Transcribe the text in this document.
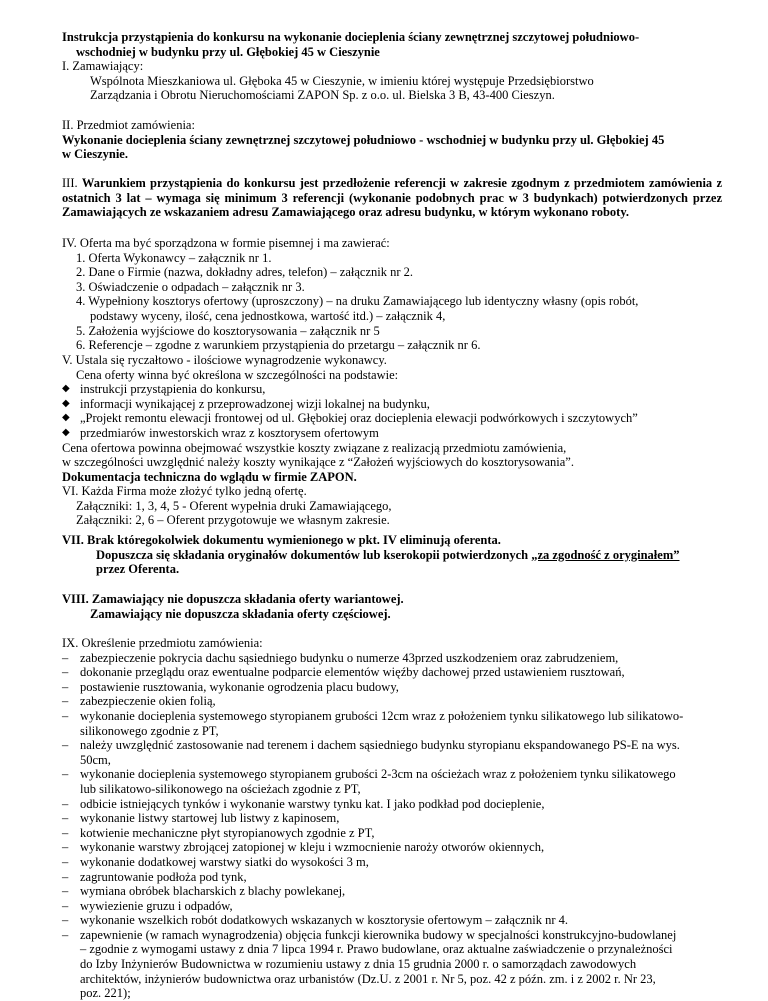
Instrukcja przystąpienia do konkursu na wykonanie docieplenia ściany zewnętrznej szczytowej południowo-

wschodniej w budynku przy ul. Głębokiej 45 w Cieszynie

I. Zamawiający:

Wspólnota Mieszkaniowa ul. Głęboka 45 w Cieszynie, w imieniu której występuje Przedsiębiorstwo

Zarządzania i Obrotu Nieruchomościami ZAPON Sp. z o.o. ul. Bielska 3 B, 43-400 Cieszyn.

II. Przedmiot zamówienia:

Wykonanie docieplenia ściany zewnętrznej szczytowej południowo - wschodniej w budynku przy ul. Głębokiej 45

w Cieszynie.

III. Warunkiem przystąpienia do konkursu jest przedłożenie referencji w zakresie zgodnym z przedmiotem zamówienia z ostatnich 3 lat – wymaga się minimum 3 referencji (wykonanie podobnych prac w 3 budynkach) potwierdzonych przez Zamawiających ze wskazaniem adresu Zamawiającego oraz adresu budynku, w którym wykonano roboty.

IV. Oferta ma być sporządzona w formie pisemnej i ma zawierać:

1. Oferta Wykonawcy – załącznik nr 1.

2. Dane o Firmie (nazwa, dokładny adres, telefon) – załącznik nr 2.

3. Oświadczenie o odpadach – załącznik nr 3.

4. Wypełniony kosztorys ofertowy (uproszczony) – na druku Zamawiającego lub identyczny własny (opis robót,

podstawy wyceny, ilość, cena jednostkowa, wartość itd.) – załącznik 4,

5. Założenia wyjściowe do kosztorysowania – załącznik nr 5

6. Referencje – zgodne z warunkiem przystąpienia do przetargu – załącznik nr 6.

V. Ustala się ryczałtowo - ilościowe wynagrodzenie wykonawcy.

Cena oferty winna być określona w szczególności na podstawie:

◆ instrukcji przystąpienia do konkursu,
◆ informacji wynikającej z przeprowadzonej wizji lokalnej na budynku,
◆ „Projekt remontu elewacji frontowej od ul. Głębokiej oraz docieplenia elewacji podwórkowych i szczytowych”
◆ przedmiarów inwestorskich wraz z kosztorysem ofertowym

Cena ofertowa powinna obejmować wszystkie koszty związane z realizacją przedmiotu zamówienia,

w szczególności uwzględnić należy koszty wynikające z “Założeń wyjściowych do kosztorysowania”.

Dokumentacja techniczna do wglądu w firmie ZAPON.

VI. Każda Firma może złożyć tylko jedną ofertę.

Załączniki: 1, 3, 4, 5 - Oferent wypełnia druki Zamawiającego,

Załączniki: 2, 6 – Oferent przygotowuje we własnym zakresie.

VII. Brak któregokolwiek dokumentu wymienionego w pkt. IV eliminują oferenta.

Dopuszcza się składania oryginałów dokumentów lub kserokopii potwierdzonych „za zgodność z oryginałem”

przez Oferenta.

VIII. Zamawiający nie dopuszcza składania oferty wariantowej.

Zamawiający nie dopuszcza składania oferty częściowej.

IX. Określenie przedmiotu zamówienia:

– zabezpieczenie pokrycia dachu sąsiedniego budynku o numerze 43przed uszkodzeniem oraz zabrudzeniem,
– dokonanie przeglądu oraz ewentualne podparcie elementów więźby dachowej przed ustawieniem rusztowań,
– postawienie rusztowania, wykonanie ogrodzenia placu budowy,
– zabezpieczenie okien folią,
– wykonanie docieplenia systemowego styropianem grubości 12cm wraz z położeniem tynku silikatowego lub silikatowo-
silikonowego zgodnie z PT,
– należy uwzględnić zastosowanie nad terenem i dachem sąsiedniego budynku styropianu ekspandowanego PS-E na wys.
50cm,
– wykonanie docieplenia systemowego styropianem grubości 2-3cm na ościeżach wraz z położeniem tynku silikatowego
lub silikatowo-silikonowego na ościeżach zgodnie z PT,
– odbicie istniejących tynków i wykonanie warstwy tynku kat. I jako podkład pod docieplenie,
– wykonanie listwy startowej lub listwy z kapinosem,
– kotwienie mechaniczne płyt styropianowych zgodnie z PT,
– wykonanie warstwy zbrojącej zatopionej w kleju i wzmocnienie naroży otworów okiennych,
– wykonanie dodatkowej warstwy siatki do wysokości 3 m,
– zagruntowanie podłoża pod tynk,
– wymiana obróbek blacharskich z blachy powlekanej,
– wywiezienie gruzu i odpadów,
– wykonanie wszelkich robót dodatkowych wskazanych w kosztorysie ofertowym – załącznik nr 4.
– zapewnienie (w ramach wynagrodzenia) objęcia funkcji kierownika budowy w specjalności konstrukcyjno-budowlanej
– zgodnie z wymogami ustawy z dnia 7 lipca 1994 r. Prawo budowlane, oraz aktualne zaświadczenie o przynależności
do Izby Inżynierów Budownictwa w rozumieniu ustawy z dnia 15 grudnia 2000 r. o samorządach zawodowych
architektów, inżynierów budownictwa oraz urbanistów (Dz.U. z 2001 r. Nr 5, poz. 42 z późn. zm. i z 2002 r. Nr 23,
poz. 221);
